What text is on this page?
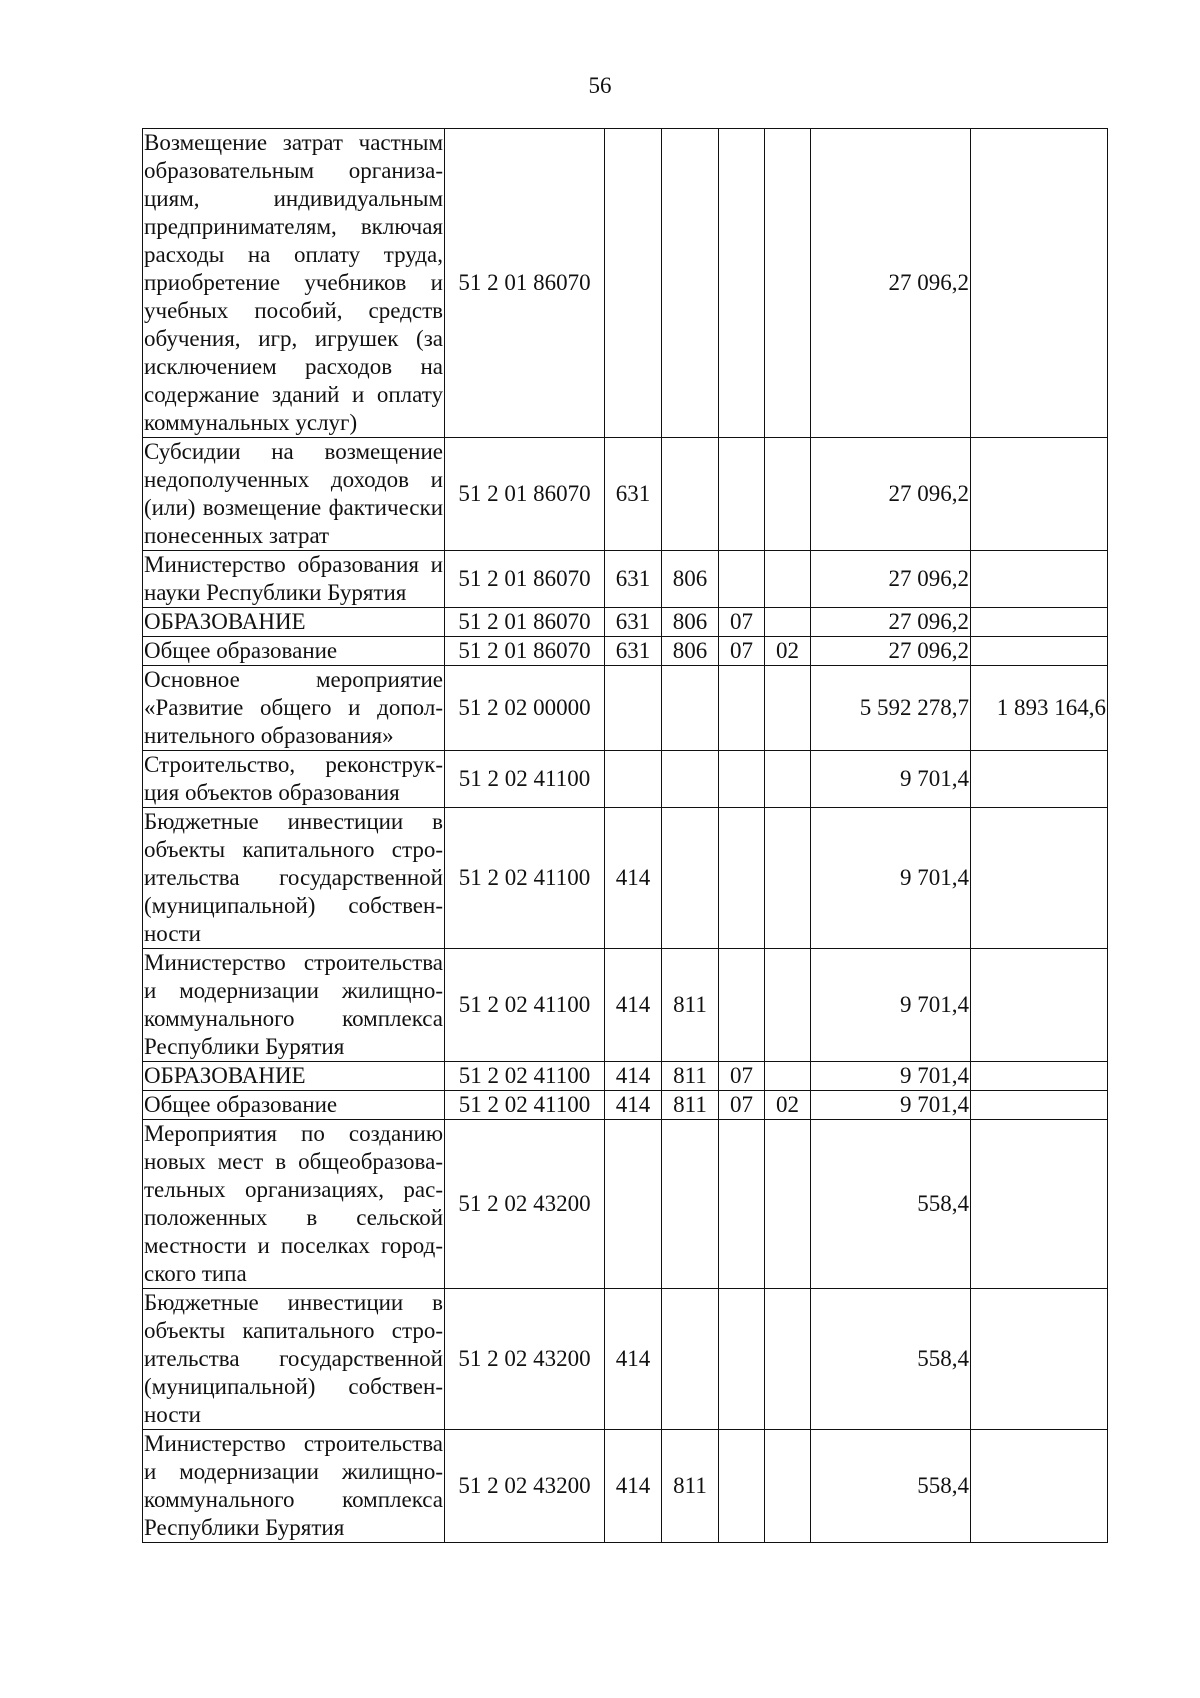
56
Возмещение затрат частным образовательным организациям, индивидуальным предпринимателям, включая расходы на оплату труда, приобретение учебников и учебных пособий, средств обучения, игр, игрушек (за исключением расходов на содержание зданий и оплату коммунальных услуг)	51 2 01 86070					27 096,2	
Субсидии на возмещение недополученных доходов и (или) возмещение фактически понесенных затрат	51 2 01 86070	631				27 096,2	
Министерство образования и науки Республики Бурятия	51 2 01 86070	631	806			27 096,2	
ОБРАЗОВАНИЕ	51 2 01 86070	631	806	07		27 096,2	
Общее образование	51 2 01 86070	631	806	07	02	27 096,2	
Основное мероприятие «Развитие общего и дополнительного образования»	51 2 02 00000					5 592 278,7	1 893 164,6
Строительство, реконструкция объектов образования	51 2 02 41100					9 701,4	
Бюджетные инвестиции в объекты капитального строительства государственной (муниципальной) собственности	51 2 02 41100	414				9 701,4	
Министерство строительства и модернизации жилищно-коммунального комплекса Республики Бурятия	51 2 02 41100	414	811			9 701,4	
ОБРАЗОВАНИЕ	51 2 02 41100	414	811	07		9 701,4	
Общее образование	51 2 02 41100	414	811	07	02	9 701,4	
Мероприятия по созданию новых мест в общеобразовательных организациях, расположенных в сельской местности и поселках городского типа	51 2 02 43200					558,4	
Бюджетные инвестиции в объекты капитального строительства государственной (муниципальной) собственности	51 2 02 43200	414				558,4	
Министерство строительства и модернизации жилищно-коммунального комплекса Республики Бурятия	51 2 02 43200	414	811			558,4	
